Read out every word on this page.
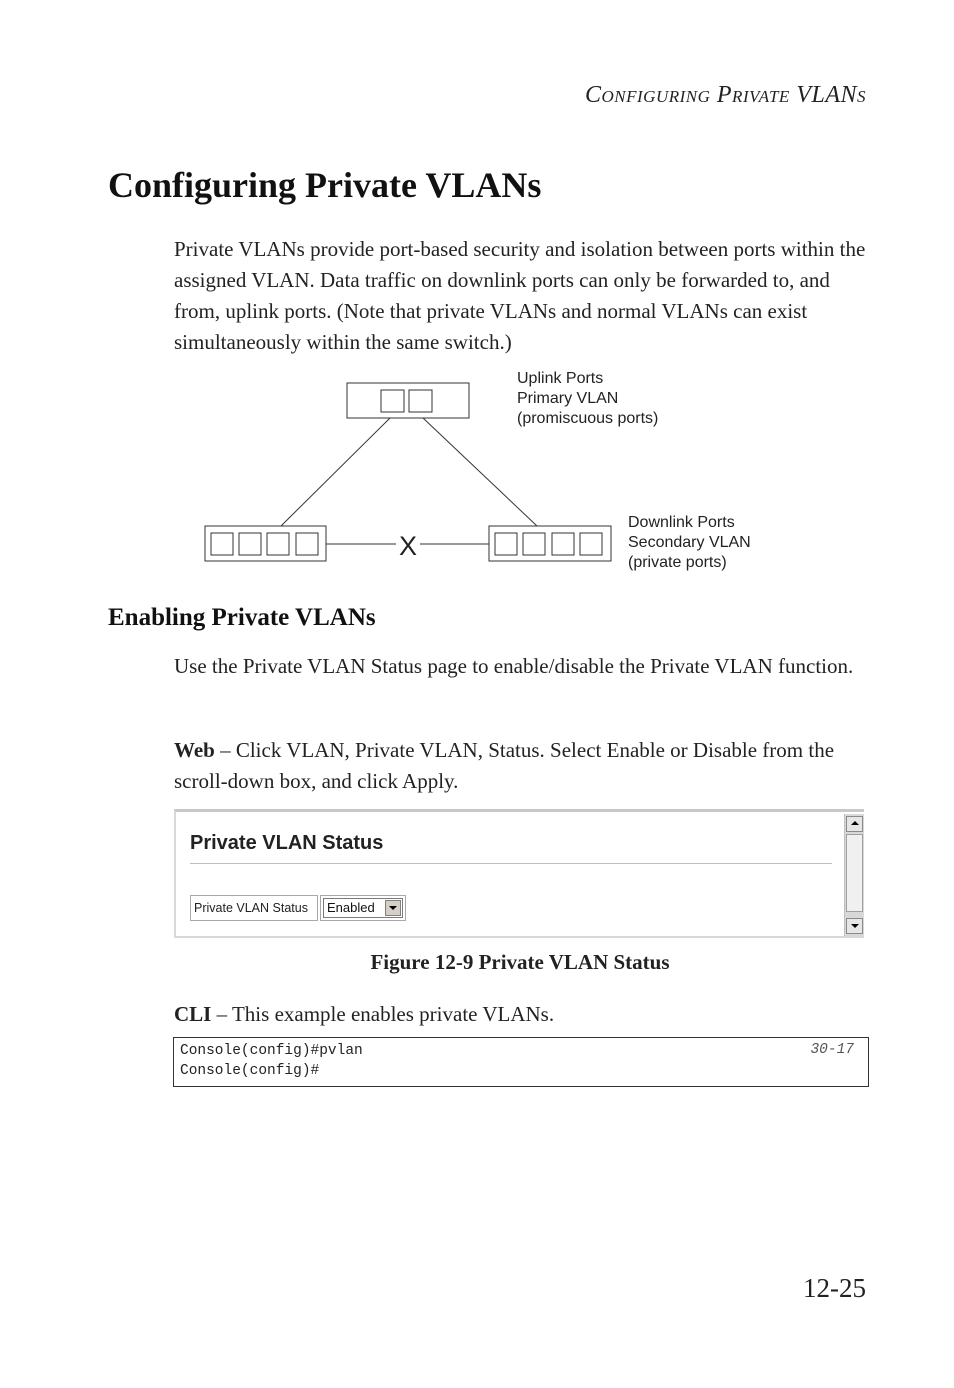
Configuring Private VLANs
Configuring Private VLANs

Private VLANs provide port-based security and isolation between ports within the assigned VLAN. Data traffic on downlink ports can only be forwarded to, and from, uplink ports. (Note that private VLANs and normal VLANs can exist simultaneously within the same switch.)

X
Uplink Ports
Primary VLAN
(promiscuous ports)
Downlink Ports
Secondary VLAN
(private ports)
Enabling Private VLANs

Use the Private VLAN Status page to enable/disable the Private VLAN function.

Web – Click VLAN, Private VLAN, Status. Select Enable or Disable from the scroll-down box, and click Apply.

Private VLAN Status
Private VLAN Status	Enabled
Figure 12-9 Private VLAN Status

CLI – This example enables private VLANs.

Console(config)#pvlan
Console(config)#
30-17
12-25
